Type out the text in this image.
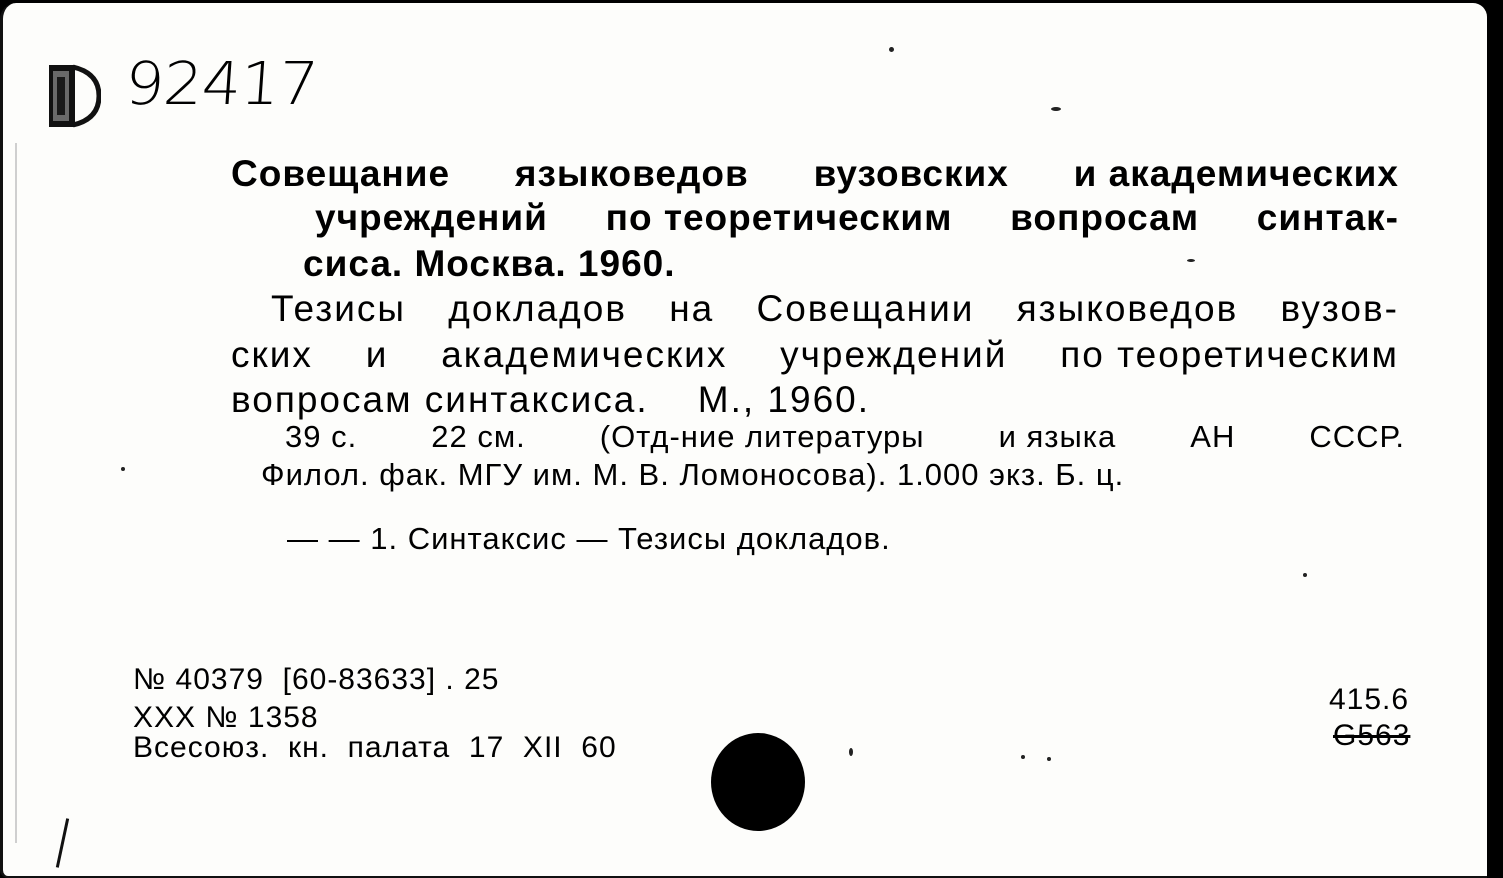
92417
Совещание языковедов вузовских и академических
учреждений по теоретическим вопросам синтак-
сиса. Москва. 1960.
Тезисы докладов на Совещании языковедов вузов-
ских и академических учреждений по теоретическим
вопросам синтаксиса.    М., 1960.
39 с. 22 см. (Отд-ние литературы и языка АН СССР.
Филол. фак. МГУ им. М. В. Ломоносова). 1.000 экз. Б. ц.
— — 1. Синтаксис — Тезисы докладов.
№ 40379  [60-83633] . 25
XXX № 1358
Всесоюз.  кн.  палата  17  XII  60
415.6
G563
